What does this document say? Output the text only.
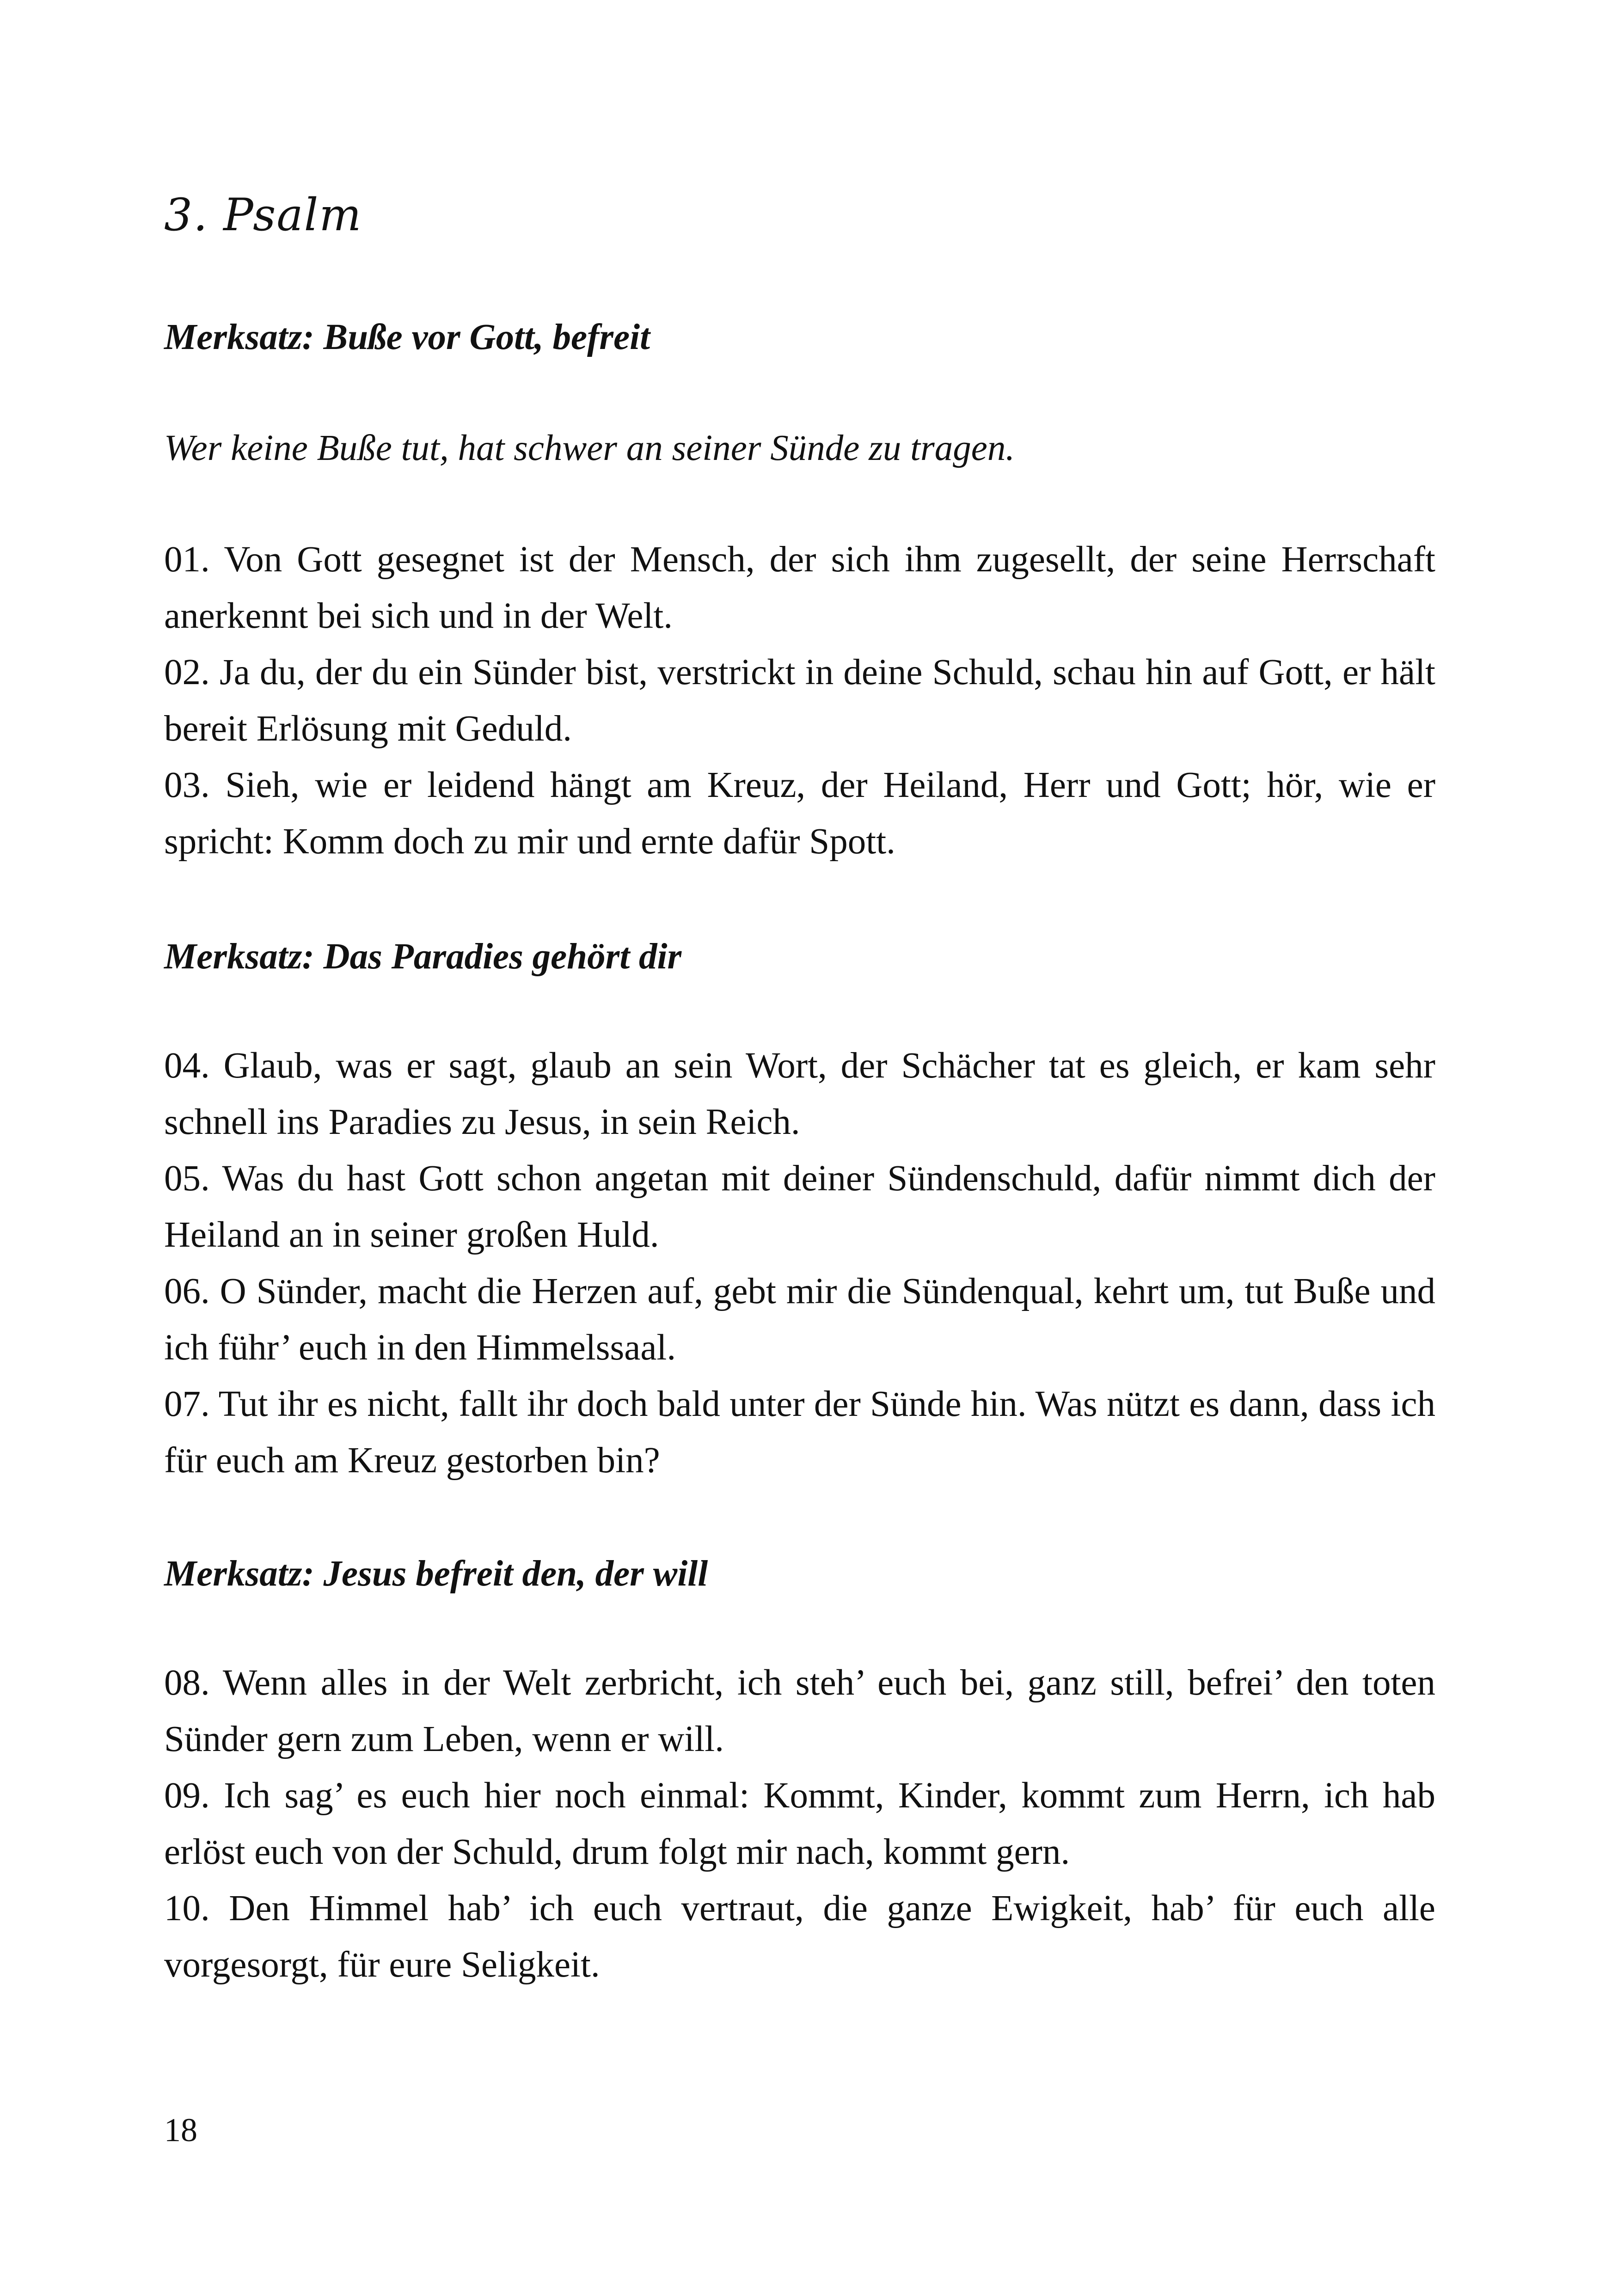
3. Psalm

Merksatz: Buße vor Gott, befreit

Wer keine Buße tut, hat schwer an seiner Sünde zu tragen.

01. Von Gott gesegnet ist der Mensch, der sich ihm zugesellt, der seine Herrschaft anerkennt bei sich und in der Welt.

02. Ja du, der du ein Sünder bist, verstrickt in deine Schuld, schau hin auf Gott, er hält bereit Erlösung mit Geduld.

03. Sieh, wie er leidend hängt am Kreuz, der Heiland, Herr und Gott; hör, wie er spricht: Komm doch zu mir und ernte dafür Spott.

Merksatz: Das Paradies gehört dir

04. Glaub, was er sagt, glaub an sein Wort, der Schächer tat es gleich, er kam sehr schnell ins Paradies zu Jesus, in sein Reich.

05. Was du hast Gott schon angetan mit deiner Sündenschuld, dafür nimmt dich der Heiland an in seiner großen Huld.

06. O Sünder, macht die Herzen auf, gebt mir die Sündenqual, kehrt um, tut Buße und ich führ’ euch in den Himmelssaal.

07. Tut ihr es nicht, fallt ihr doch bald unter der Sünde hin. Was nützt es dann, dass ich für euch am Kreuz gestorben bin?

Merksatz: Jesus befreit den, der will

08. Wenn alles in der Welt zerbricht, ich steh’ euch bei, ganz still, befrei’ den toten Sünder gern zum Leben, wenn er will.

09. Ich sag’ es euch hier noch einmal: Kommt, Kinder, kommt zum Herrn, ich hab erlöst euch von der Schuld, drum folgt mir nach, kommt gern.

10. Den Himmel hab’ ich euch vertraut, die ganze Ewigkeit, hab’ für euch alle vorgesorgt, für eure Seligkeit.

18
